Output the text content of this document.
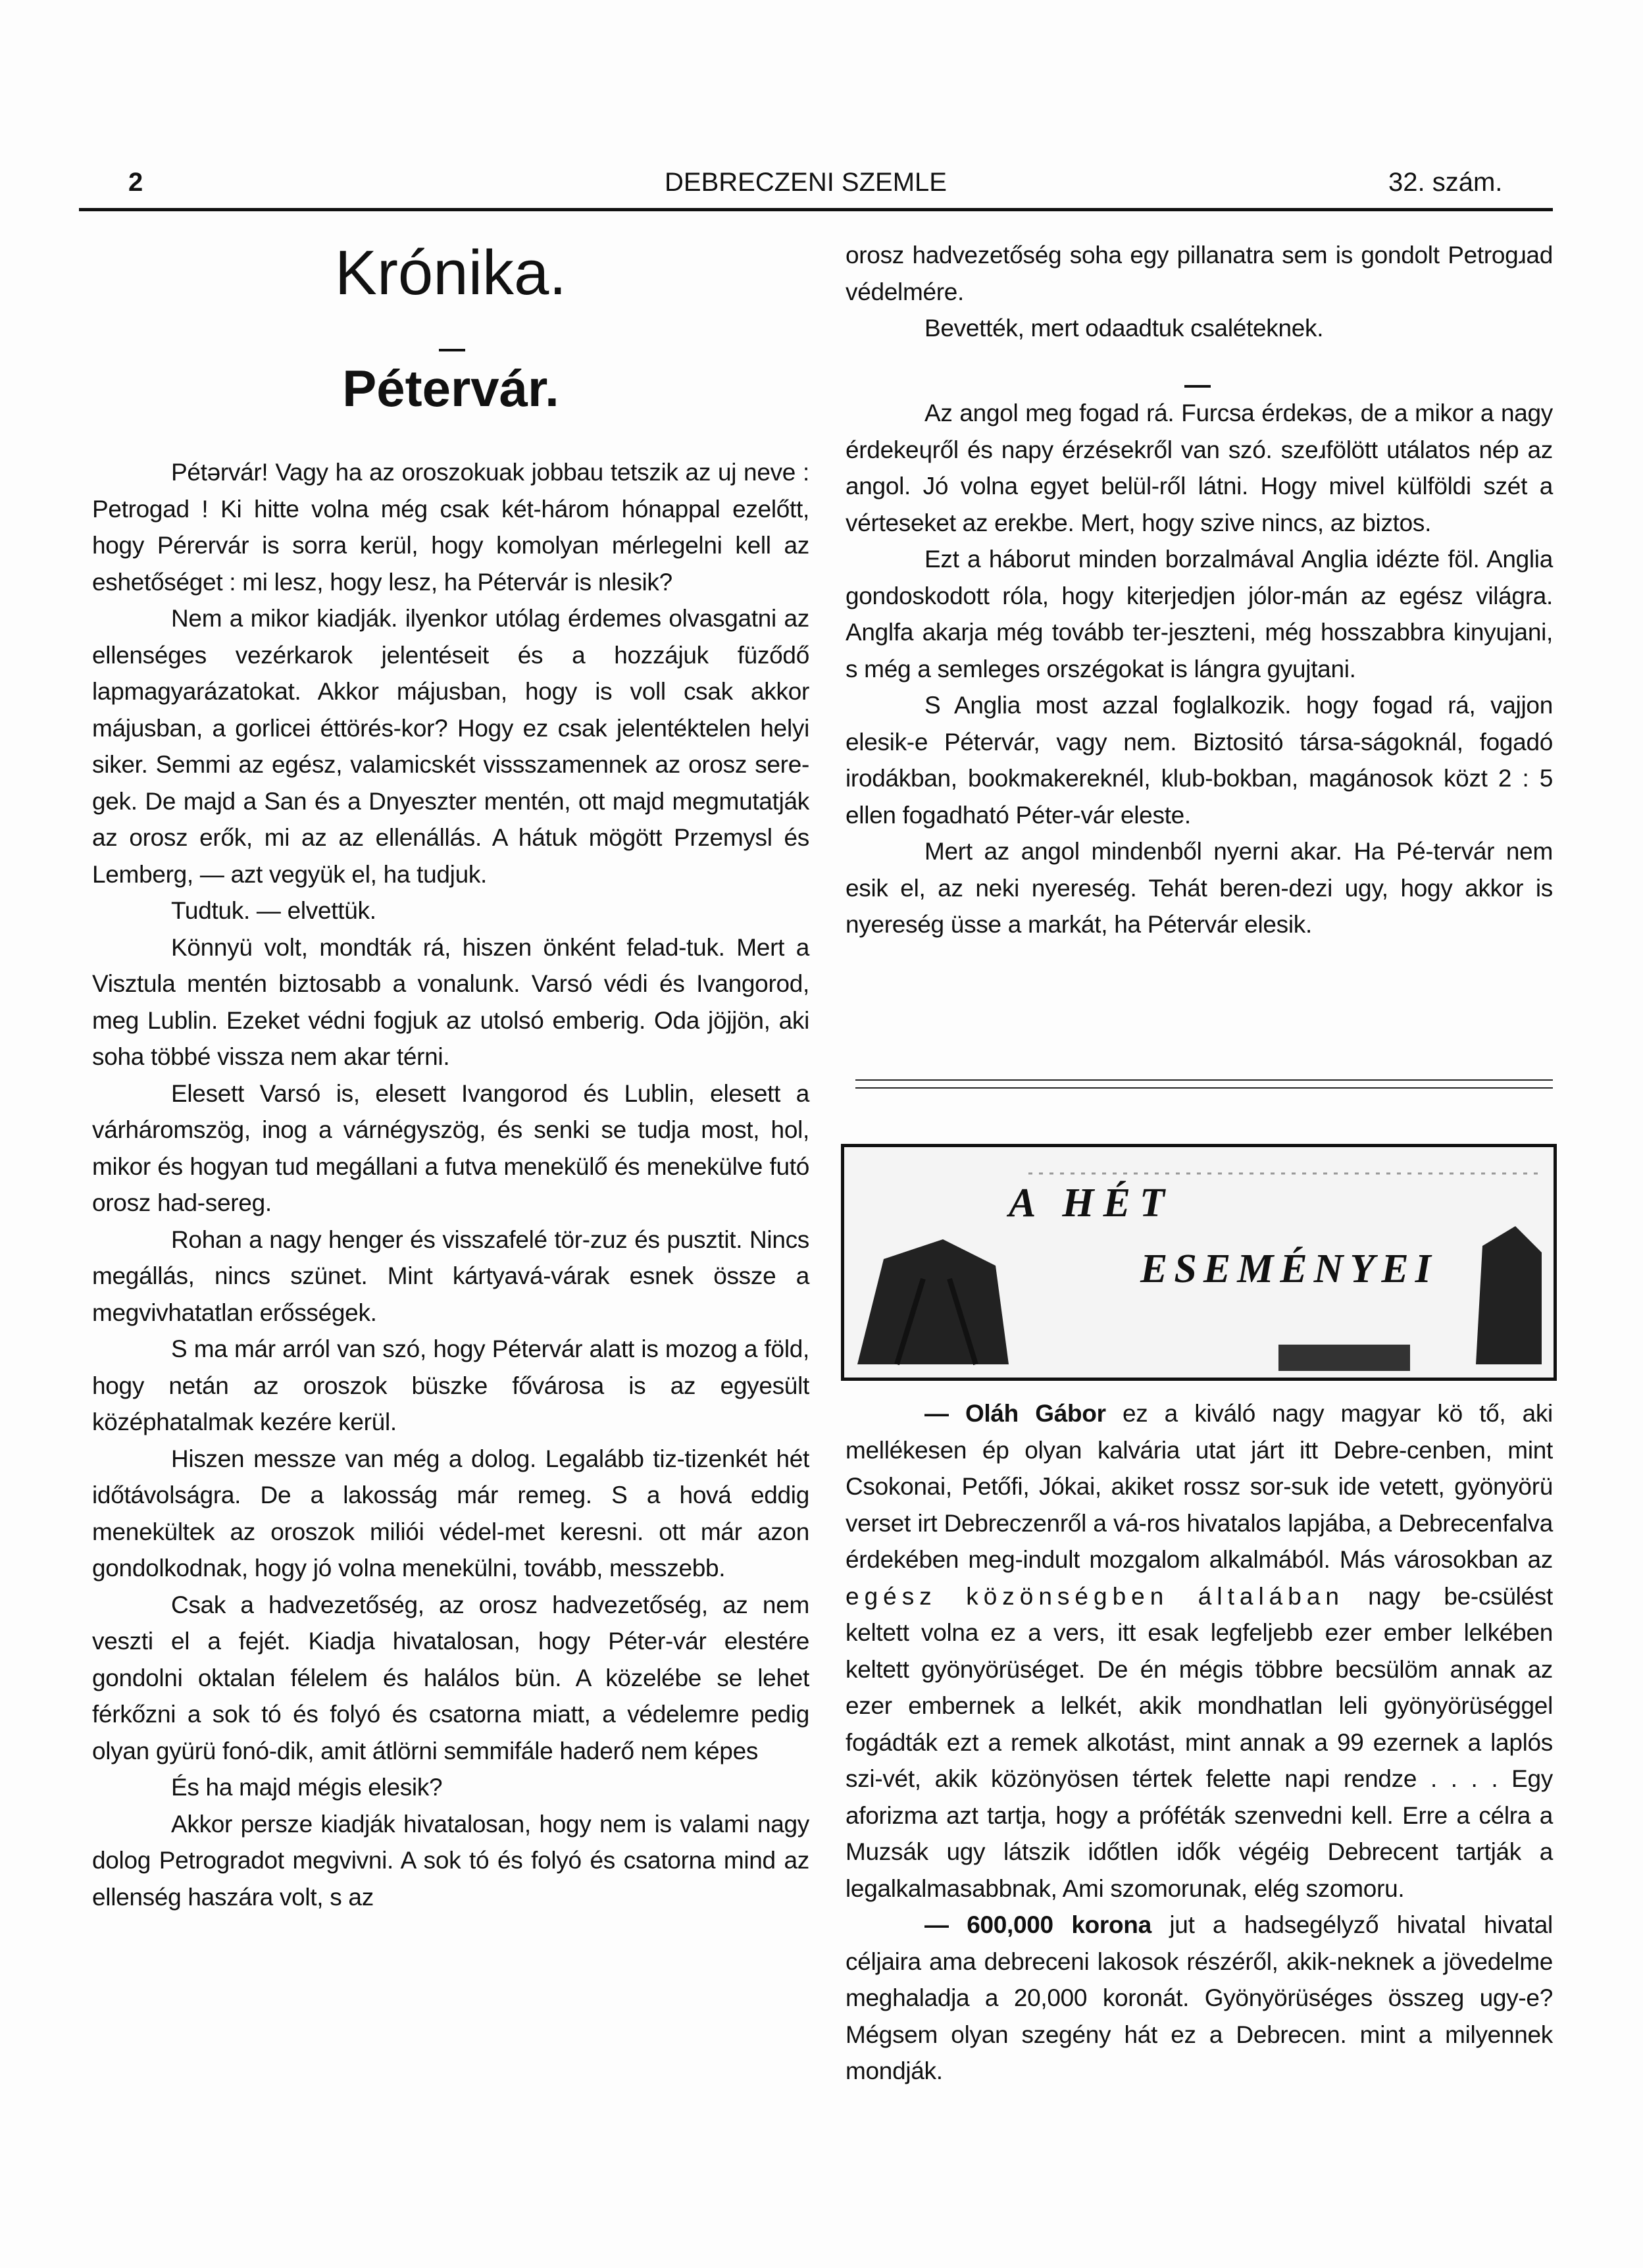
2	DEBRECZENI SZEMLE	32. szám.
Krónika.
Pétervár.

Pétərvár! Vagy ha az oroszokuak jobbau tetszik az uj neve : Petrogad ! Ki hitte volna még csak két-három hónappal ezelőtt, hogy Pérervár is sorra kerül, hogy komolyan mérlegelni kell az eshetőséget : mi lesz, hogy lesz, ha Pétervár is nlesik?

Nem a mikor kiadják. ilyenkor utólag érdemes olvasgatni az ellenséges vezérkarok jelentéseit és a hozzájuk füződő lapmagyarázatokat. Akkor májusban, hogy is voll csak akkor májusban, a gorlicei éttörés-kor? Hogy ez csak jelentéktelen helyi siker. Semmi az egész, valamicskét vissszamennek az orosz sere-gek. De majd a San és a Dnyeszter mentén, ott majd megmutatják az orosz erők, mi az az ellenállás. A hátuk mögött Przemysl és Lemberg, — azt vegyük el, ha tudjuk.

Tudtuk. — elvettük.

Könnyü volt, mondták rá, hiszen önként felad-tuk. Mert a Visztula mentén biztosabb a vonalunk. Varsó védi és Ivangorod, meg Lublin. Ezeket védni fogjuk az utolsó emberig. Oda jöjjön, aki soha többé vissza nem akar térni.

Elesett Varsó is, elesett Ivangorod és Lublin, elesett a várháromszög, inog a várnégyszög, és senki se tudja most, hol, mikor és hogyan tud megállani a futva menekülő és menekülve futó orosz had-sereg.

Rohan a nagy henger és visszafelé tör-zuz és pusztit. Nincs megállás, nincs szünet. Mint kártyavá-várak esnek össze a megvivhatatlan erősségek.

S ma már arról van szó, hogy Pétervár alatt is mozog a föld, hogy netán az oroszok büszke fővárosa is az egyesült középhatalmak kezére kerül.

Hiszen messze van még a dolog. Legalább tiz-tizenkét hét időtávolságra. De a lakosság már remeg. S a hová eddig menekültek az oroszok miliói védel-met keresni. ott már azon gondolkodnak, hogy jó volna menekülni, tovább, messzebb.

Csak a hadvezetőség, az orosz hadvezetőség, az nem veszti el a fejét. Kiadja hivatalosan, hogy Péter-vár elestére gondolni oktalan félelem és halálos bün. A közelébe se lehet férkőzni a sok tó és folyó és csatorna miatt, a védelemre pedig olyan gyürü fonó-dik, amit átlörni semmifále haderő nem képes

És ha majd mégis elesik?

Akkor persze kiadják hivatalosan, hogy nem is valami nagy dolog Petrogradot megvivni. A sok tó és folyó és csatorna mind az ellenség haszára volt, s az

orosz hadvezetőség soha egy pillanatra sem is gondolt Petrogɹad védelmére.

Bevették, mert odaadtuk csaléteknek.

Az angol meg fogad rá. Furcsa érdekəs, de a mikor a nagy érdekeɥről és napy érzésekről van szó. szeɹfölött utálatos nép az angol. Jó volna egyet belül-ről látni. Hogy mivel külföldi szét a vérteseket az erekbe. Mert, hogy szive nincs, az biztos.

Ezt a háborut minden borzalmával Anglia idézte föl. Anglia gondoskodott róla, hogy kiterjedjen jólor-mán az egész világra. Anglfa akarja még tovább ter-jeszteni, még hosszabbra kinyujani, s még a semleges orszégokat is lángra gyujtani.

S Anglia most azzal foglalkozik. hogy fogad rá, vajjon elesik-e Pétervár, vagy nem. Biztositó társa-ságoknál, fogadó irodákban, bookmakereknél, klub-bokban, magánosok közt 2 : 5 ellen fogadható Péter-vár eleste.

Mert az angol mindenből nyerni akar. Ha Pé-tervár nem esik el, az neki nyereség. Tehát beren-dezi ugy, hogy akkor is nyereség üsse a markát, ha Pétervár elesik.

A HÉT
ESEMÉNYEI

— Oláh Gábor ez a kiváló nagy magyar kö tő, aki mellékesen ép olyan kalvária utat járt itt Debre-cenben, mint Csokonai, Petőfi, Jókai, akiket rossz sor-suk ide vetett, gyönyörü verset irt Debreczenről a vá-ros hivatalos lapjába, a Debrecenfalva érdekében meg-indult mozgalom alkalmából. Más városokban az egész közönségben általában nagy be-csülést keltett volna ez a vers, itt esak legfeljebb ezer ember lelkében keltett gyönyörüséget. De én mégis többre becsülöm annak az ezer embernek a lelkét, akik mondhatlan leli gyönyörüséggel fogádták ezt a remek alkotást, mint annak a 99 ezernek a laplós szi-vét, akik közönyösen tértek felette napi rendze . . . . Egy aforizma azt tartja, hogy a próféták szenvedni kell. Erre a célra a Muzsák ugy látszik időtlen idők végéig Debrecent tartják a legalkalmasabbnak, Ami szomorunak, elég szomoru.

— 600,000 korona jut a hadsegélyző hivatal hivatal céljaira ama debreceni lakosok részéről, akik-neknek a jövedelme meghaladja a 20,000 koronát. Gyönyörüséges összeg ugy-e? Mégsem olyan szegény hát ez a Debrecen. mint a milyennek mondják.
